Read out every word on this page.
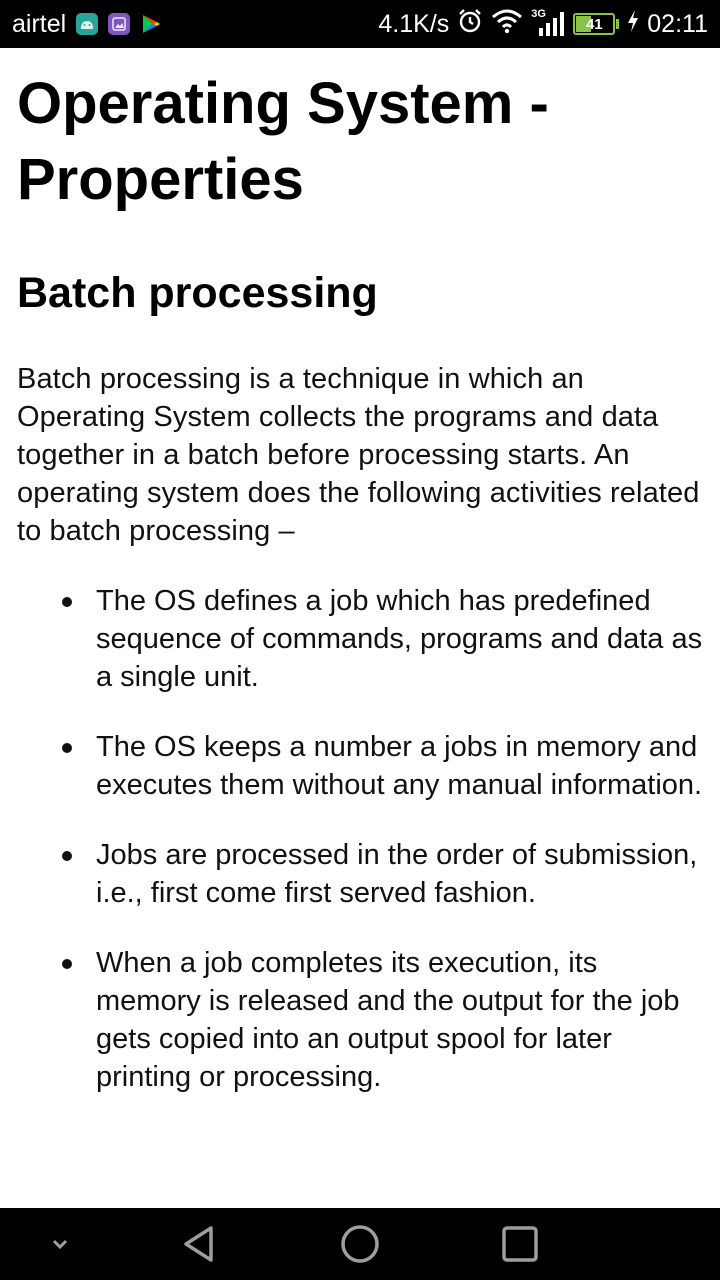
airtel	4.1K/s	3G
41 02:11
Operating System - Properties
Batch processing

Batch processing is a technique in which an Operating System collects the programs and data together in a batch before processing starts. An operating system does the following activities related to batch processing –

The OS defines a job which has predefined sequence of commands, programs and data as a single unit.
The OS keeps a number a jobs in memory and executes them without any manual information.
Jobs are processed in the order of submission, i.e., first come first served fashion.
When a job completes its execution, its memory is released and the output for the job gets copied into an output spool for later printing or processing.
